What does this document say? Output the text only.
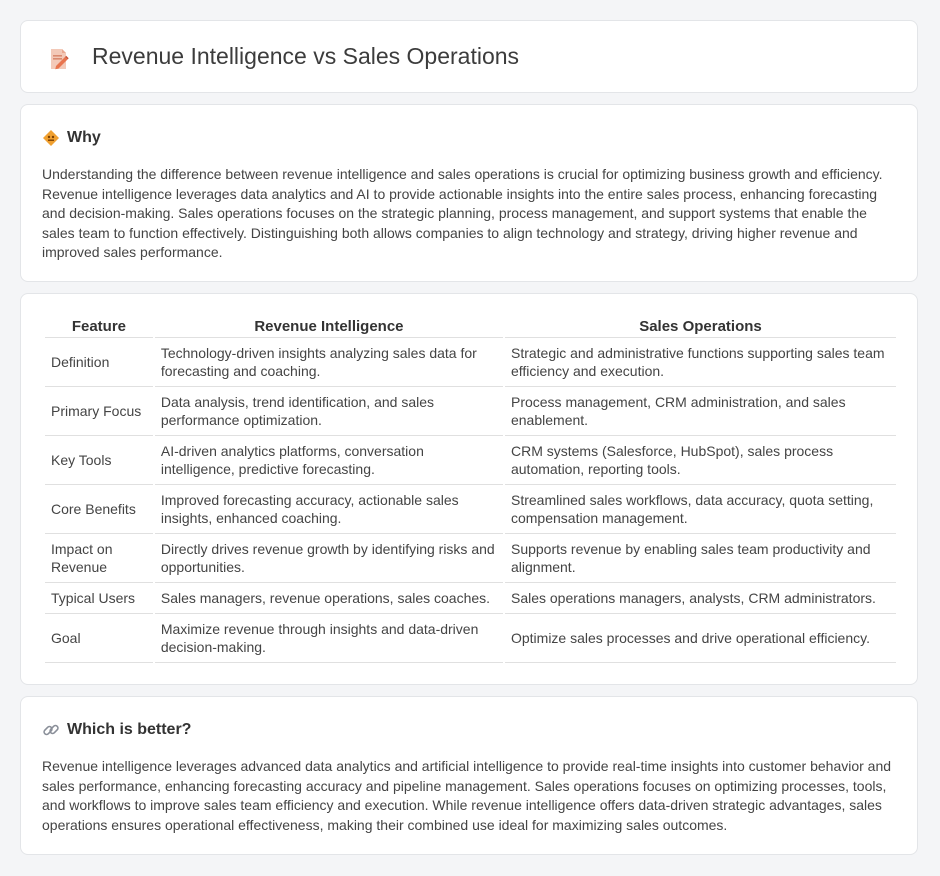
Revenue Intelligence vs Sales Operations
Why

Understanding the difference between revenue intelligence and sales operations is crucial for optimizing business growth and efficiency. Revenue intelligence leverages data analytics and AI to provide actionable insights into the entire sales process, enhancing forecasting and decision-making. Sales operations focuses on the strategic planning, process management, and support systems that enable the sales team to function effectively. Distinguishing both allows companies to align technology and strategy, driving higher revenue and improved sales performance.

Feature	Revenue Intelligence	Sales Operations
Definition	Technology-driven insights analyzing sales data for forecasting and coaching.	Strategic and administrative functions supporting sales team efficiency and execution.
Primary Focus	Data analysis, trend identification, and sales performance optimization.	Process management, CRM administration, and sales enablement.
Key Tools	AI-driven analytics platforms, conversation intelligence, predictive forecasting.	CRM systems (Salesforce, HubSpot), sales process automation, reporting tools.
Core Benefits	Improved forecasting accuracy, actionable sales insights, enhanced coaching.	Streamlined sales workflows, data accuracy, quota setting, compensation management.
Impact on Revenue	Directly drives revenue growth by identifying risks and opportunities.	Supports revenue by enabling sales team productivity and alignment.
Typical Users	Sales managers, revenue operations, sales coaches.	Sales operations managers, analysts, CRM administrators.
Goal	Maximize revenue through insights and data-driven decision-making.	Optimize sales processes and drive operational efficiency.
Which is better?

Revenue intelligence leverages advanced data analytics and artificial intelligence to provide real-time insights into customer behavior and sales performance, enhancing forecasting accuracy and pipeline management. Sales operations focuses on optimizing processes, tools, and workflows to improve sales team efficiency and execution. While revenue intelligence offers data-driven strategic advantages, sales operations ensures operational effectiveness, making their combined use ideal for maximizing sales outcomes.
